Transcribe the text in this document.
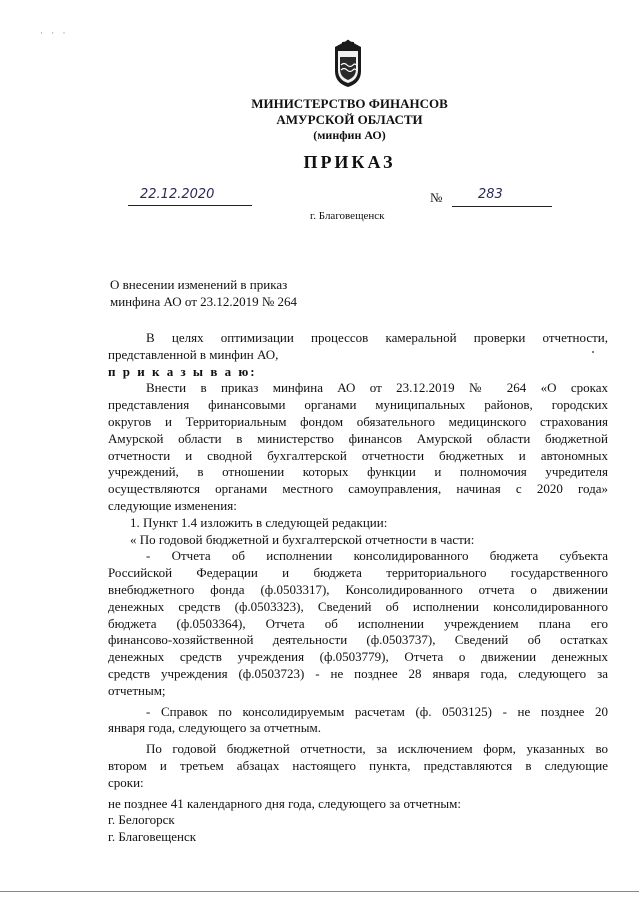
· · ·
МИНИСТЕРСТВО ФИНАНСОВ
АМУРСКОЙ ОБЛАСТИ
(минфин АО)
ПРИКАЗ
22.12.2020	№	283
г. Благовещенск
О внесении изменений в приказ
минфина АО от 23.12.2019 № 264

В целях оптимизации процессов камеральной проверки отчетности,

представленной в минфин АО,

п р и к а з ы в а ю:

Внести в приказ минфина АО от 23.12.2019 № 264 «О сроках

представления финансовыми органами муниципальных районов, городских

округов и Территориальным фондом обязательного медицинского страхования

Амурской области в министерство финансов Амурской области бюджетной

отчетности и сводной бухгалтерской отчетности бюджетных и автономных

учреждений, в отношении которых функции и полномочия учредителя

осуществляются органами местного самоуправления, начиная с 2020 года»

следующие изменения:

1. Пункт 1.4 изложить в следующей редакции:

« По годовой бюджетной и бухгалтерской отчетности в части:

- Отчета об исполнении консолидированного бюджета субъекта

Российской Федерации и бюджета территориального государственного

внебюджетного фонда (ф.0503317), Консолидированного отчета о движении

денежных средств (ф.0503323), Сведений об исполнении консолидированного

бюджета (ф.0503364), Отчета об исполнении учреждением плана его

финансово-хозяйственной деятельности (ф.0503737), Сведений об остатках

денежных средств учреждения (ф.0503779), Отчета о движении денежных

средств учреждения (ф.0503723) - не позднее 28 января года, следующего за

отчетным;

- Справок по консолидируемым расчетам (ф. 0503125) - не позднее 20

января года, следующего за отчетным.

По годовой бюджетной отчетности, за исключением форм, указанных во

втором и третьем абзацах настоящего пункта, представляются в следующие

сроки:

не позднее 41 календарного дня года, следующего за отчетным:

г. Белогорск

г. Благовещенск
